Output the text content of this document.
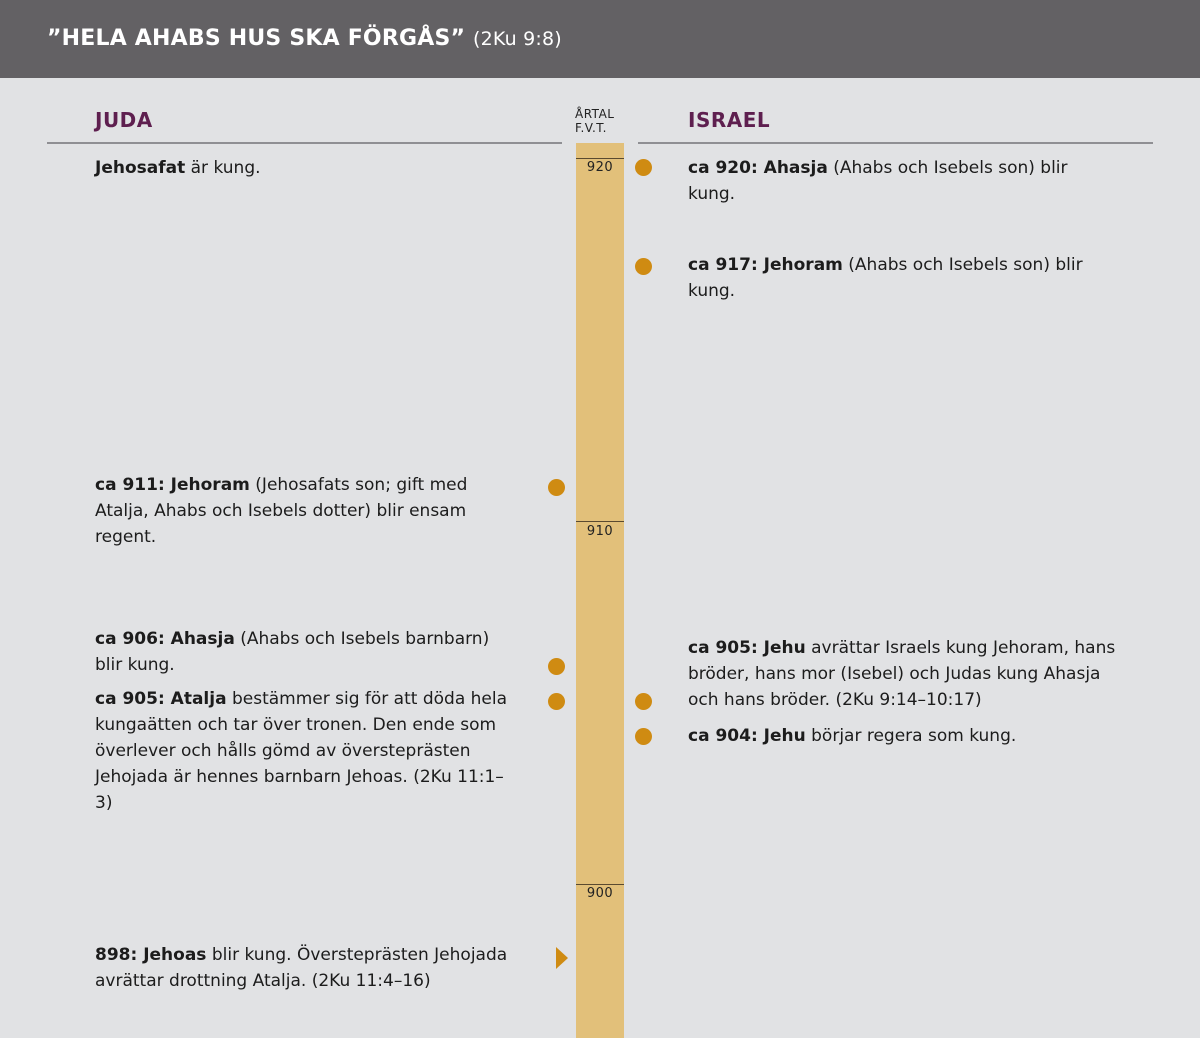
”HELA AHABS HUS SKA FÖRGÅS” (2Ku 9:8)
JUDA	ISRAEL
ÅRTAL
F.V.T.
920
910
900
Jehosafat är kung.
ca 911: Jehoram (Jehosafats son; gift med Atalja, Ahabs och Isebels dotter) blir ensam regent.
ca 906: Ahasja (Ahabs och Isebels barnbarn) blir kung.
ca 905: Atalja bestämmer sig för att döda hela kungaätten och tar över tronen. Den ende som överlever och hålls gömd av översteprästen Jehojada är hennes barnbarn Jehoas. (2Ku 11:1–3)
898: Jehoas blir kung. Översteprästen Jehojada avrättar drottning Atalja. (2Ku 11:4–16)
ca 920: Ahasja (Ahabs och Isebels son) blir kung.
ca 917: Jehoram (Ahabs och Isebels son) blir kung.
ca 905: Jehu avrättar Israels kung Jehoram, hans bröder, hans mor (Isebel) och Judas kung Ahasja och hans bröder. (2Ku 9:14–10:17)
ca 904: Jehu börjar regera som kung.
